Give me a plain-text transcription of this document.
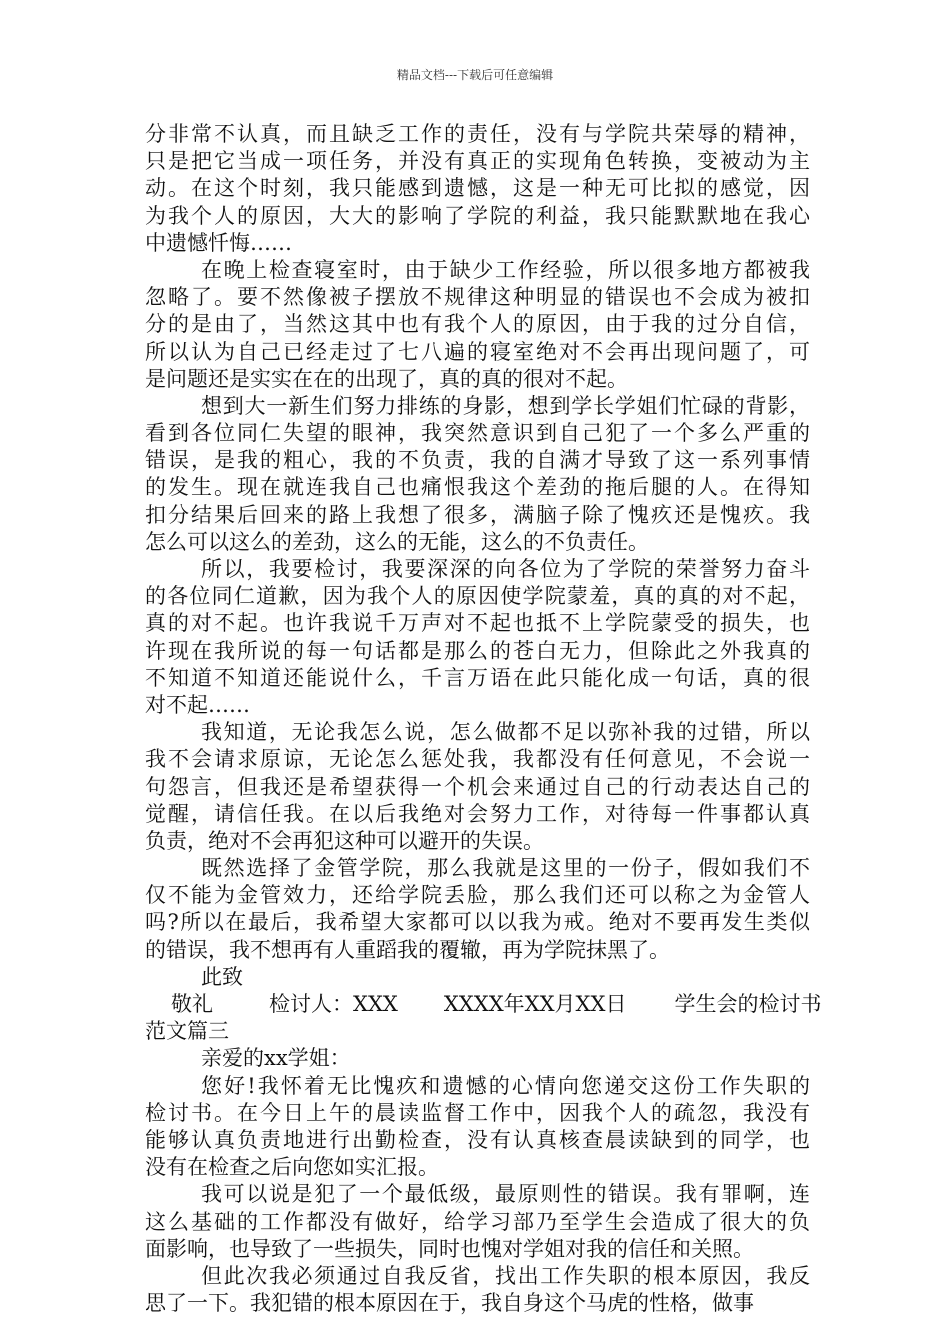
精品文档---下载后可任意编辑
分非常不认真，而且缺乏工作的责任，没有与学院共荣辱的精神，
只是把它当成一项任务，并没有真正的实现角色转换，变被动为主
动。在这个时刻，我只能感到遗憾，这是一种无可比拟的感觉，因
为我个人的原因，大大的影响了学院的利益，我只能默默地在我心
中遗憾忏悔……
在晚上检查寝室时，由于缺少工作经验，所以很多地方都被我
忽略了。要不然像被子摆放不规律这种明显的错误也不会成为被扣
分的是由了，当然这其中也有我个人的原因，由于我的过分自信，
所以认为自己已经走过了七八遍的寝室绝对不会再出现问题了，可
是问题还是实实在在的出现了，真的真的很对不起。
想到大一新生们努力排练的身影，想到学长学姐们忙碌的背影，
看到各位同仁失望的眼神，我突然意识到自己犯了一个多么严重的
错误，是我的粗心，我的不负责，我的自满才导致了这一系列事情
的发生。现在就连我自己也痛恨我这个差劲的拖后腿的人。在得知
扣分结果后回来的路上我想了很多，满脑子除了愧疚还是愧疚。我
怎么可以这么的差劲，这么的无能，这么的不负责任。
所以，我要检讨，我要深深的向各位为了学院的荣誉努力奋斗
的各位同仁道歉，因为我个人的原因使学院蒙羞，真的真的对不起，
真的对不起。也许我说千万声对不起也抵不上学院蒙受的损失，也
许现在我所说的每一句话都是那么的苍白无力，但除此之外我真的
不知道不知道还能说什么，千言万语在此只能化成一句话，真的很
对不起……
我知道，无论我怎么说，怎么做都不足以弥补我的过错，所以
我不会请求原谅，无论怎么惩处我，我都没有任何意见，不会说一
句怨言，但我还是希望获得一个机会来通过自己的行动表达自己的
觉醒，请信任我。在以后我绝对会努力工作，对待每一件事都认真
负责，绝对不会再犯这种可以避开的失误。
既然选择了金管学院，那么我就是这里的一份子，假如我们不
仅不能为金管效力，还给学院丢脸，那么我们还可以称之为金管人
吗?所以在最后，我希望大家都可以以我为戒。绝对不要再发生类似
的错误，我不想再有人重蹈我的覆辙，再为学院抹黑了。
此致
敬礼	检讨人：XXX XXXX年XX月XX日 学生会的检讨书
范文篇三
亲爱的xx学姐：
您好!我怀着无比愧疚和遗憾的心情向您递交这份工作失职的
检讨书。在今日上午的晨读监督工作中，因我个人的疏忽，我没有
能够认真负责地进行出勤检查，没有认真核查晨读缺到的同学，也
没有在检查之后向您如实汇报。
我可以说是犯了一个最低级，最原则性的错误。我有罪啊，连
这么基础的工作都没有做好，给学习部乃至学生会造成了很大的负
面影响，也导致了一些损失，同时也愧对学姐对我的信任和关照。
但此次我必须通过自我反省，找出工作失职的根本原因，我反
思了一下。我犯错的根本原因在于，我自身这个马虎的性格，做事
